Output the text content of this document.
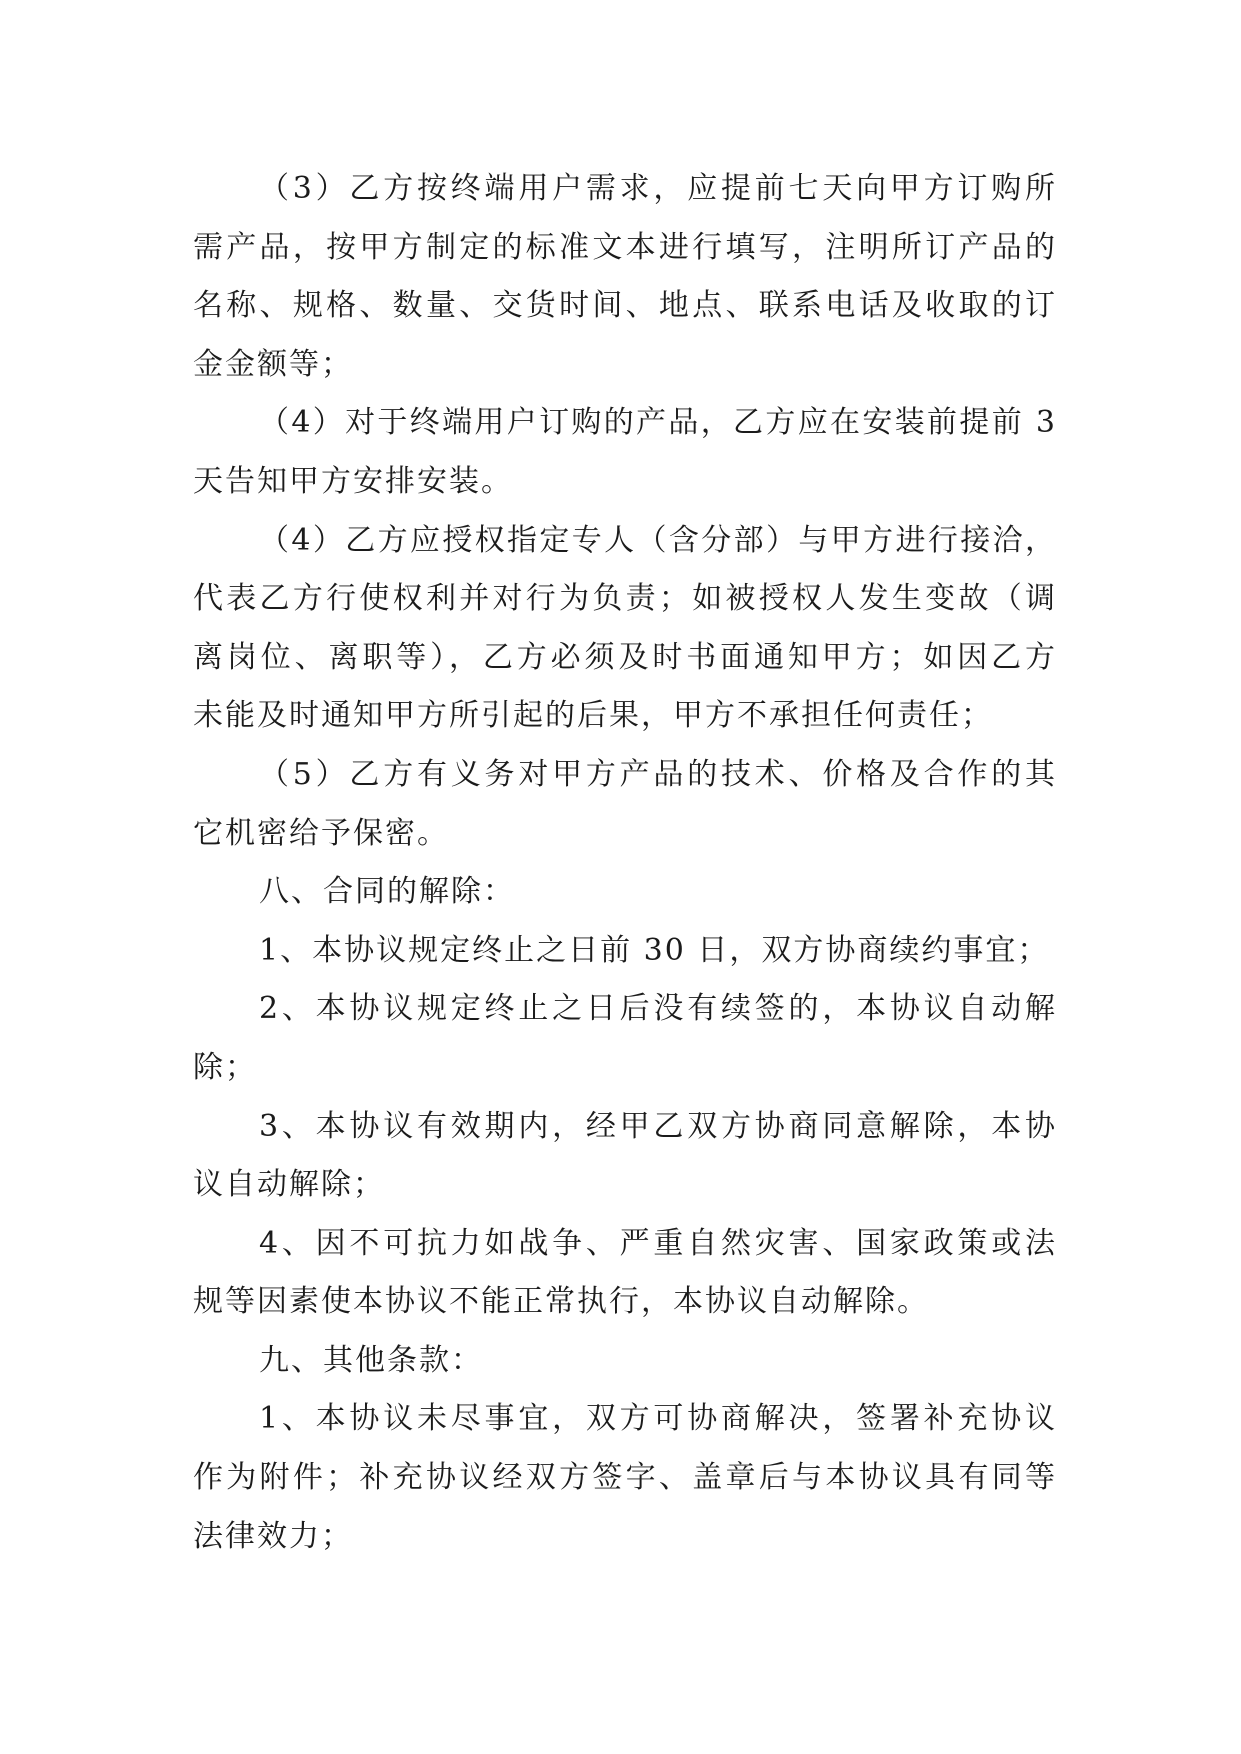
（3）乙方按终端用户需求，应提前七天向甲方订购所
需产品，按甲方制定的标准文本进行填写，注明所订产品的
名称、规格、数量、交货时间、地点、联系电话及收取的订
金金额等；
（4）对于终端用户订购的产品，乙方应在安装前提前 3
天告知甲方安排安装。
（4）乙方应授权指定专人（含分部）与甲方进行接洽，
代表乙方行使权利并对行为负责；如被授权人发生变故（调
离岗位、离职等），乙方必须及时书面通知甲方；如因乙方
未能及时通知甲方所引起的后果，甲方不承担任何责任；
（5）乙方有义务对甲方产品的技术、价格及合作的其
它机密给予保密。
八、合同的解除：
1、本协议规定终止之日前 30 日，双方协商续约事宜；
2、本协议规定终止之日后没有续签的，本协议自动解
除；
3、本协议有效期内，经甲乙双方协商同意解除，本协
议自动解除；
4、因不可抗力如战争、严重自然灾害、国家政策或法
规等因素使本协议不能正常执行，本协议自动解除。
九、其他条款：
1、本协议未尽事宜，双方可协商解决，签署补充协议
作为附件；补充协议经双方签字、盖章后与本协议具有同等
法律效力；
